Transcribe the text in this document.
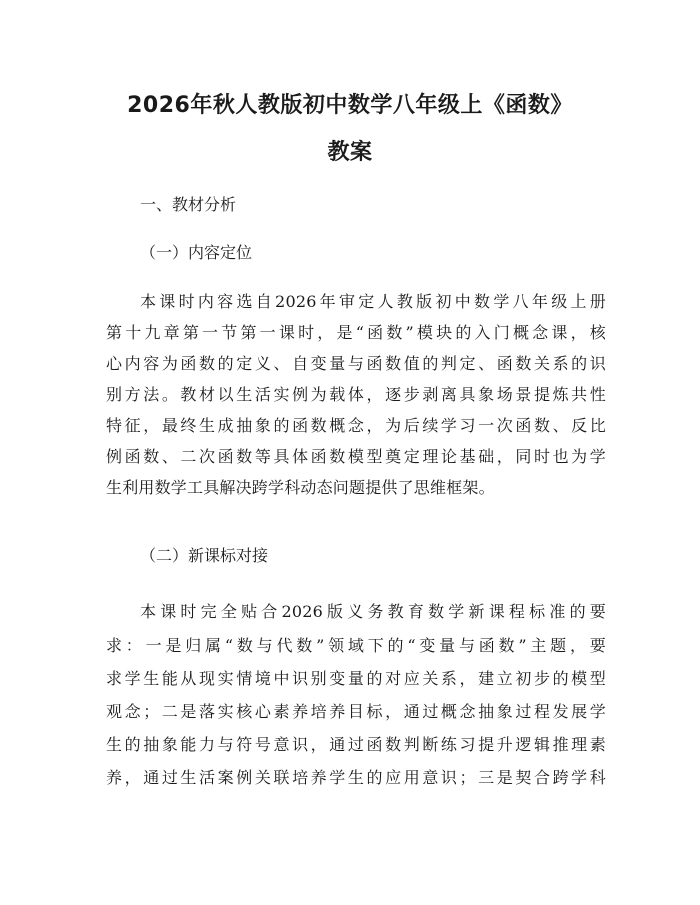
2026年秋人教版初中数学八年级上《函数》
教案
一、教材分析
（一）内容定位
本课时内容选自2026年审定人教版初中数学八年级上册
第十九章第一节第一课时，是“函数”模块的入门概念课，核
心内容为函数的定义、自变量与函数值的判定、函数关系的识
别方法。教材以生活实例为载体，逐步剥离具象场景提炼共性
特征，最终生成抽象的函数概念，为后续学习一次函数、反比
例函数、二次函数等具体函数模型奠定理论基础，同时也为学
生利用数学工具解决跨学科动态问题提供了思维框架。
（二）新课标对接
本课时完全贴合2026版义务教育数学新课程标准的要
求：一是归属“数与代数”领域下的“变量与函数”主题，要
求学生能从现实情境中识别变量的对应关系，建立初步的模型
观念；二是落实核心素养培养目标，通过概念抽象过程发展学
生的抽象能力与符号意识，通过函数判断练习提升逻辑推理素
养，通过生活案例关联培养学生的应用意识；三是契合跨学科
